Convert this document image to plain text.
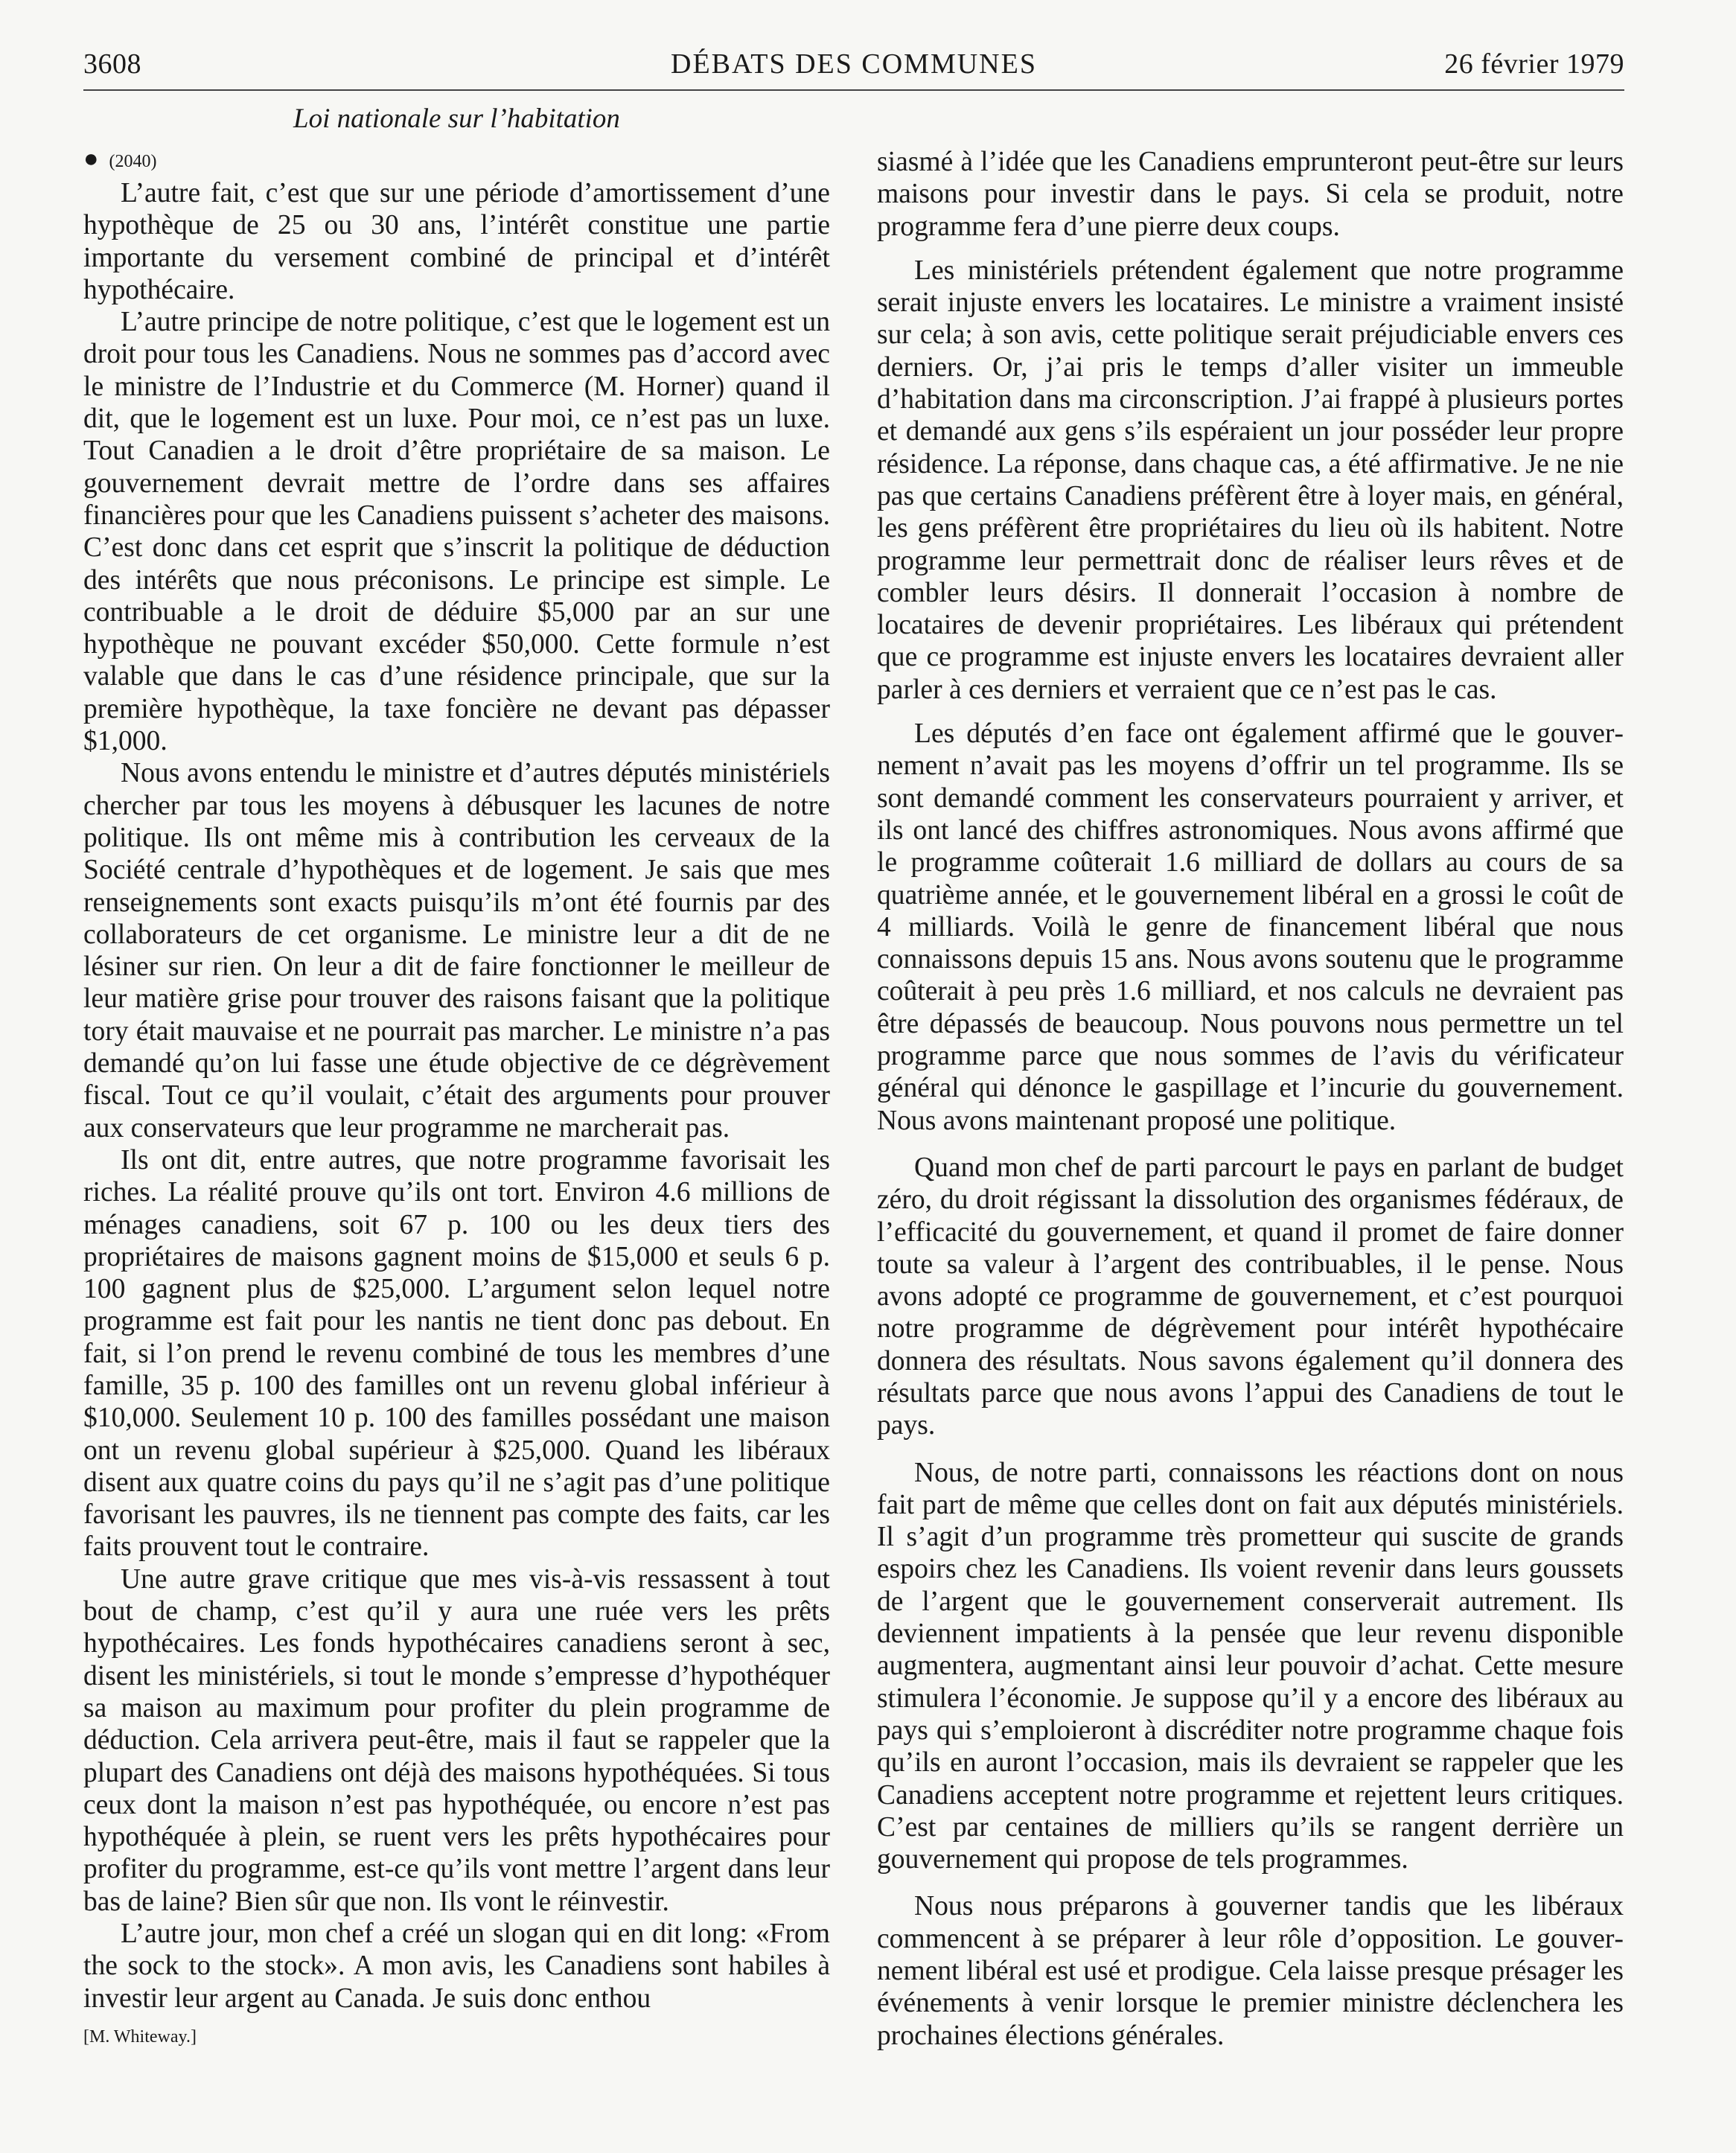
3608	DÉBATS DES COMMUNES	26 février 1979
Loi nationale sur l’habitation
● (2040)

L’autre fait, c’est que sur une période d’amortissement d’une hypothèque de 25 ou 30 ans, l’intérêt constitue une partie importante du versement combiné de principal et d’intérêt hypothécaire.

L’autre principe de notre politique, c’est que le logement est un droit pour tous les Canadiens. Nous ne sommes pas d’accord avec le ministre de l’Industrie et du Commerce (M. Horner) quand il dit, que le logement est un luxe. Pour moi, ce n’est pas un luxe. Tout Canadien a le droit d’être propriétaire de sa maison. Le gouvernement devrait mettre de l’ordre dans ses affaires financières pour que les Canadiens puissent s’acheter des maisons. C’est donc dans cet esprit que s’inscrit la politique de déduction des intérêts que nous préconisons. Le principe est simple. Le contribuable a le droit de déduire $5,000 par an sur une hypothèque ne pouvant excéder $50,000. Cette formule n’est valable que dans le cas d’une résidence principale, que sur la première hypothèque, la taxe foncière ne devant pas dépasser $1,000.

Nous avons entendu le ministre et d’autres députés ministériels chercher par tous les moyens à débusquer les lacunes de notre politique. Ils ont même mis à contribution les cerveaux de la Société centrale d’hypothèques et de logement. Je sais que mes renseignements sont exacts puisqu’ils m’ont été fournis par des collaborateurs de cet organisme. Le ministre leur a dit de ne lésiner sur rien. On leur a dit de faire fonctionner le meilleur de leur matière grise pour trouver des raisons faisant que la politique tory était mauvaise et ne pourrait pas marcher. Le ministre n’a pas demandé qu’on lui fasse une étude objective de ce dégrèvement fiscal. Tout ce qu’il voulait, c’était des arguments pour prouver aux conservateurs que leur programme ne marcherait pas.

Ils ont dit, entre autres, que notre programme favorisait les riches. La réalité prouve qu’ils ont tort. Environ 4.6 millions de ménages canadiens, soit 67 p. 100 ou les deux tiers des propriétaires de maisons gagnent moins de $15,000 et seuls 6 p. 100 gagnent plus de $25,000. L’argument selon lequel notre programme est fait pour les nantis ne tient donc pas debout. En fait, si l’on prend le revenu combiné de tous les membres d’une famille, 35 p. 100 des familles ont un revenu global inférieur à $10,000. Seulement 10 p. 100 des familles possédant une maison ont un revenu global supérieur à $25,000. Quand les libéraux disent aux quatre coins du pays qu’il ne s’agit pas d’une politique favorisant les pauvres, ils ne tiennent pas compte des faits, car les faits prouvent tout le contraire.

Une autre grave critique que mes vis-à-vis ressassent à tout bout de champ, c’est qu’il y aura une ruée vers les prêts hypothécaires. Les fonds hypothécaires canadiens seront à sec, disent les ministériels, si tout le monde s’empresse d’hypothéquer sa maison au maximum pour profiter du plein programme de déduction. Cela arrivera peut-être, mais il faut se rappeler que la plupart des Canadiens ont déjà des maisons hypothéquées. Si tous ceux dont la maison n’est pas hypothéquée, ou encore n’est pas hypothéquée à plein, se ruent vers les prêts hypothécaires pour profiter du programme, est-ce qu’ils vont mettre l’argent dans leur bas de laine? Bien sûr que non. Ils vont le réinvestir.

L’autre jour, mon chef a créé un slogan qui en dit long: «From the sock to the stock». A mon avis, les Canadiens sont habiles à investir leur argent au Canada. Je suis donc enthou

[M. Whiteway.]

siasmé à l’idée que les Canadiens emprunteront peut-être sur leurs maisons pour investir dans le pays. Si cela se produit, notre programme fera d’une pierre deux coups.

Les ministériels prétendent également que notre programme serait injuste envers les locataires. Le ministre a vraiment insisté sur cela; à son avis, cette politique serait préjudiciable envers ces derniers. Or, j’ai pris le temps d’aller visiter un immeuble d’habitation dans ma circonscription. J’ai frappé à plusieurs portes et demandé aux gens s’ils espéraient un jour posséder leur propre résidence. La réponse, dans chaque cas, a été affirmative. Je ne nie pas que certains Canadiens préfèrent être à loyer mais, en général, les gens préfèrent être propriétaires du lieu où ils habitent. Notre programme leur permettrait donc de réaliser leurs rêves et de combler leurs désirs. Il donnerait l’occasion à nombre de locataires de devenir propriétaires. Les libéraux qui prétendent que ce programme est injuste envers les locataires devraient aller parler à ces derniers et verraient que ce n’est pas le cas.

Les députés d’en face ont également affirmé que le gouvernement n’avait pas les moyens d’offrir un tel programme. Ils se sont demandé comment les conservateurs pourraient y arriver, et ils ont lancé des chiffres astronomiques. Nous avons affirmé que le programme coûterait 1.6 milliard de dollars au cours de sa quatrième année, et le gouvernement libéral en a grossi le coût de 4 milliards. Voilà le genre de financement libéral que nous connaissons depuis 15 ans. Nous avons soutenu que le programme coûterait à peu près 1.6 milliard, et nos calculs ne devraient pas être dépassés de beaucoup. Nous pouvons nous permettre un tel programme parce que nous sommes de l’avis du vérificateur général qui dénonce le gaspillage et l’incurie du gouvernement. Nous avons maintenant proposé une politique.

Quand mon chef de parti parcourt le pays en parlant de budget zéro, du droit régissant la dissolution des organismes fédéraux, de l’efficacité du gouvernement, et quand il promet de faire donner toute sa valeur à l’argent des contribuables, il le pense. Nous avons adopté ce programme de gouvernement, et c’est pourquoi notre programme de dégrèvement pour intérêt hypothécaire donnera des résultats. Nous savons également qu’il donnera des résultats parce que nous avons l’appui des Canadiens de tout le pays.

Nous, de notre parti, connaissons les réactions dont on nous fait part de même que celles dont on fait aux députés ministériels. Il s’agit d’un programme très prometteur qui suscite de grands espoirs chez les Canadiens. Ils voient revenir dans leurs goussets de l’argent que le gouvernement conserverait autrement. Ils deviennent impatients à la pensée que leur revenu disponible augmentera, augmentant ainsi leur pouvoir d’achat. Cette mesure stimulera l’économie. Je suppose qu’il y a encore des libéraux au pays qui s’emploieront à discréditer notre programme chaque fois qu’ils en auront l’occasion, mais ils devraient se rappeler que les Canadiens acceptent notre programme et rejettent leurs critiques. C’est par centaines de milliers qu’ils se rangent derrière un gouvernement qui propose de tels programmes.

Nous nous préparons à gouverner tandis que les libéraux commencent à se préparer à leur rôle d’opposition. Le gouvernement libéral est usé et prodigue. Cela laisse presque présager les événements à venir lorsque le premier ministre déclenchera les prochaines élections générales.
